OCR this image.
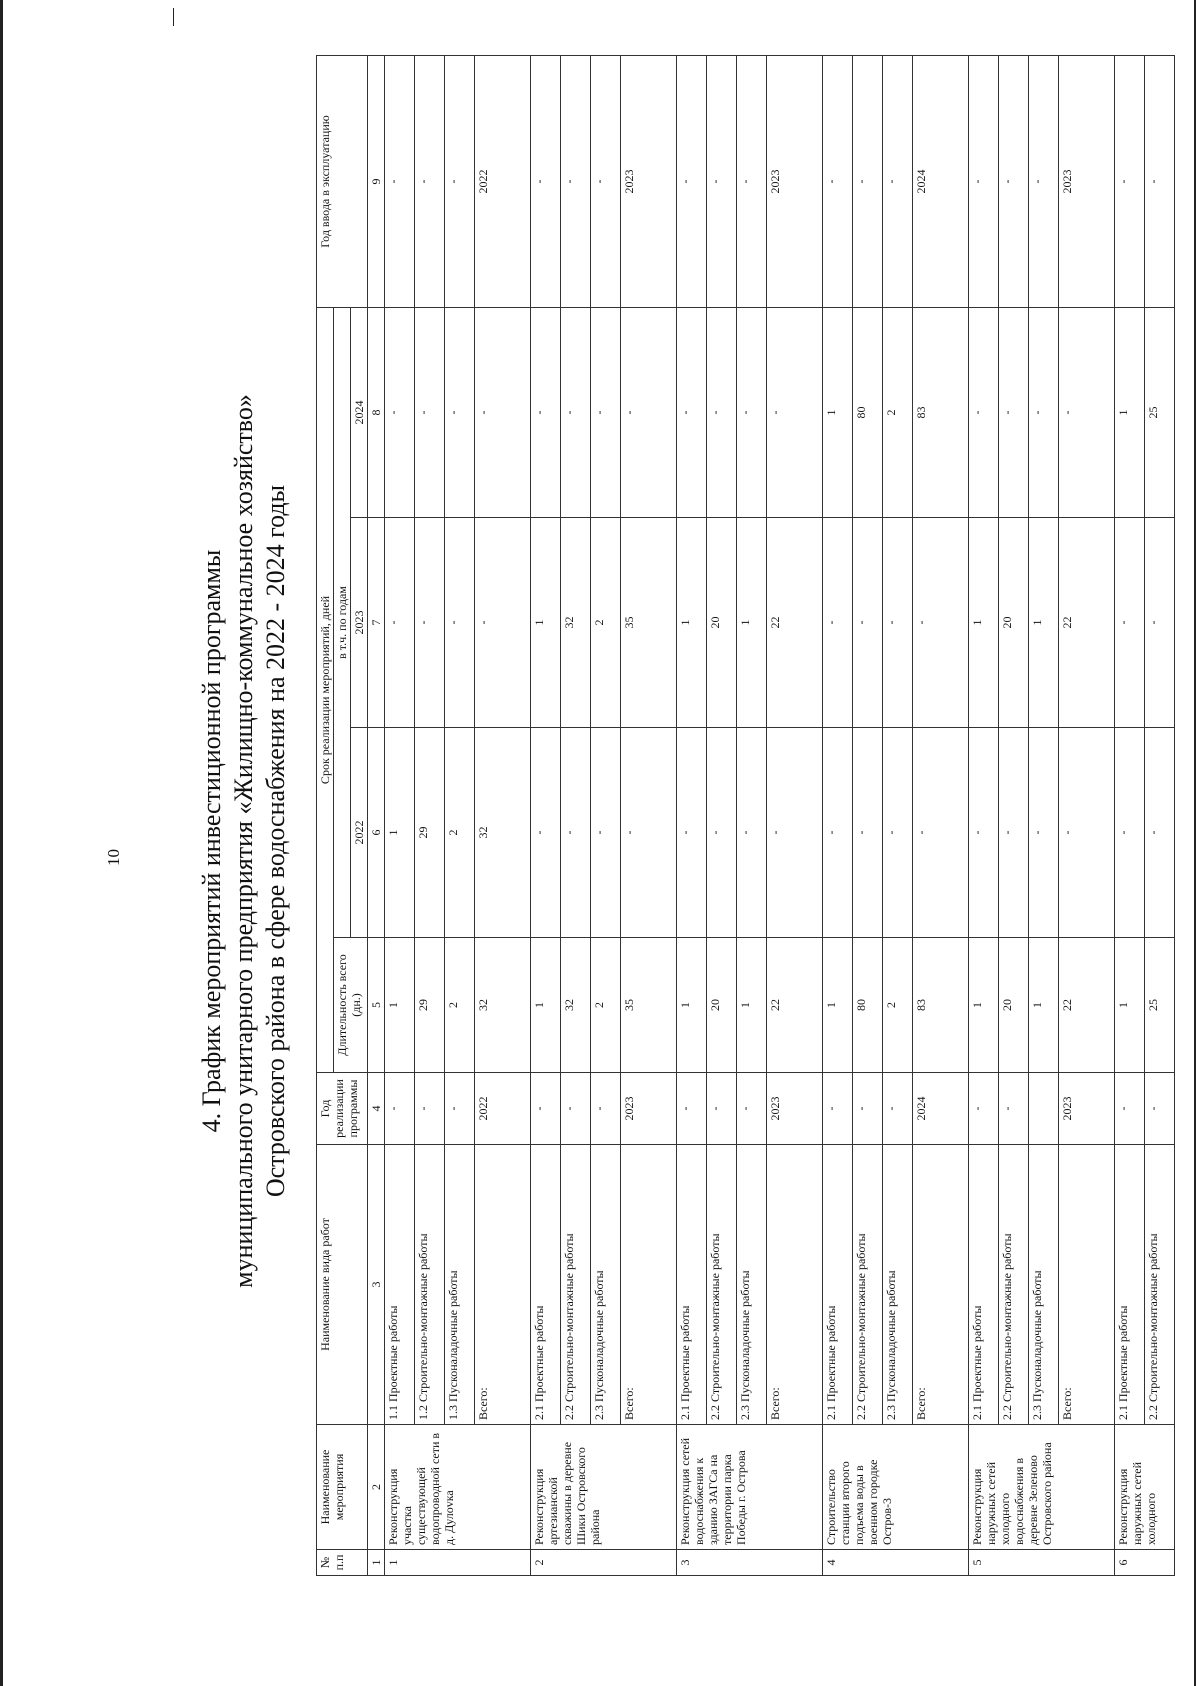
10	4. График мероприятий инвестиционной программы муниципального унитарного предприятия «Жилищно-коммунальное хозяйство» Островского района в сфере водоснабжения на 2022 - 2024 годы
№ п.п	Наименование мероприятия	Наименование вида работ	Год реализации программы	Срок реализации мероприятий, дней				Год ввода в эксплуатацию
				Длительность всего (дн.)	в т.ч. по годам			
					2022	2023	2024	
1	2	3	4	5	6	7	8	9
1	Реконструкция участка существующей водопроводной сети в д. Дулovка	1.1 Проектные работы	-	1	1	-	-	-
		1.2 Строительно-монтажные работы	-	29	29	-	-	-
		1.3 Пусконаладочные работы	-	2	2	-	-	-
		Всего:	2022	32	32	-	-	2022
2	Реконструкция артезианской скважины в деревне Шики Островского района	2.1 Проектные работы	-	1	-	1	-	-
		2.2 Строительно-монтажные работы	-	32	-	32	-	-
		2.3 Пусконаладочные работы	-	2	-	2	-	-
		Всего:	2023	35	-	35	-	2023
3	Реконструкция сетей водоснабжения к зданию ЗАГСа на территории парка Победы г. Острова	2.1 Проектные работы	-	1	-	1	-	-
		2.2 Строительно-монтажные работы	-	20	-	20	-	-
		2.3 Пусконаладочные работы	-	1	-	1	-	-
		Всего:	2023	22	-	22	-	2023
4	Строительство станции второго подъема воды в военном городке Остров-3	2.1 Проектные работы	-	1	-	-	1	-
		2.2 Строительно-монтажные работы	-	80	-	-	80	-
		2.3 Пусконаладочные работы	-	2	-	-	2	-
		Всего:	2024	83	-	-	83	2024
5	Реконструкция наружных сетей холодного водоснабжения в деревне Зеленово Островского района	2.1 Проектные работы	-	1	-	1	-	-
		2.2 Строительно-монтажные работы	-	20	-	20	-	-
		2.3 Пусконаладочные работы		1	-	1	-	-
		Всего:	2023	22	-	22	-	2023
6	Реконструкция наружных сетей холодного	2.1 Проектные работы	-	1	-	-	1	-
		2.2 Строительно-монтажные работы	-	25	-	-	25	-
